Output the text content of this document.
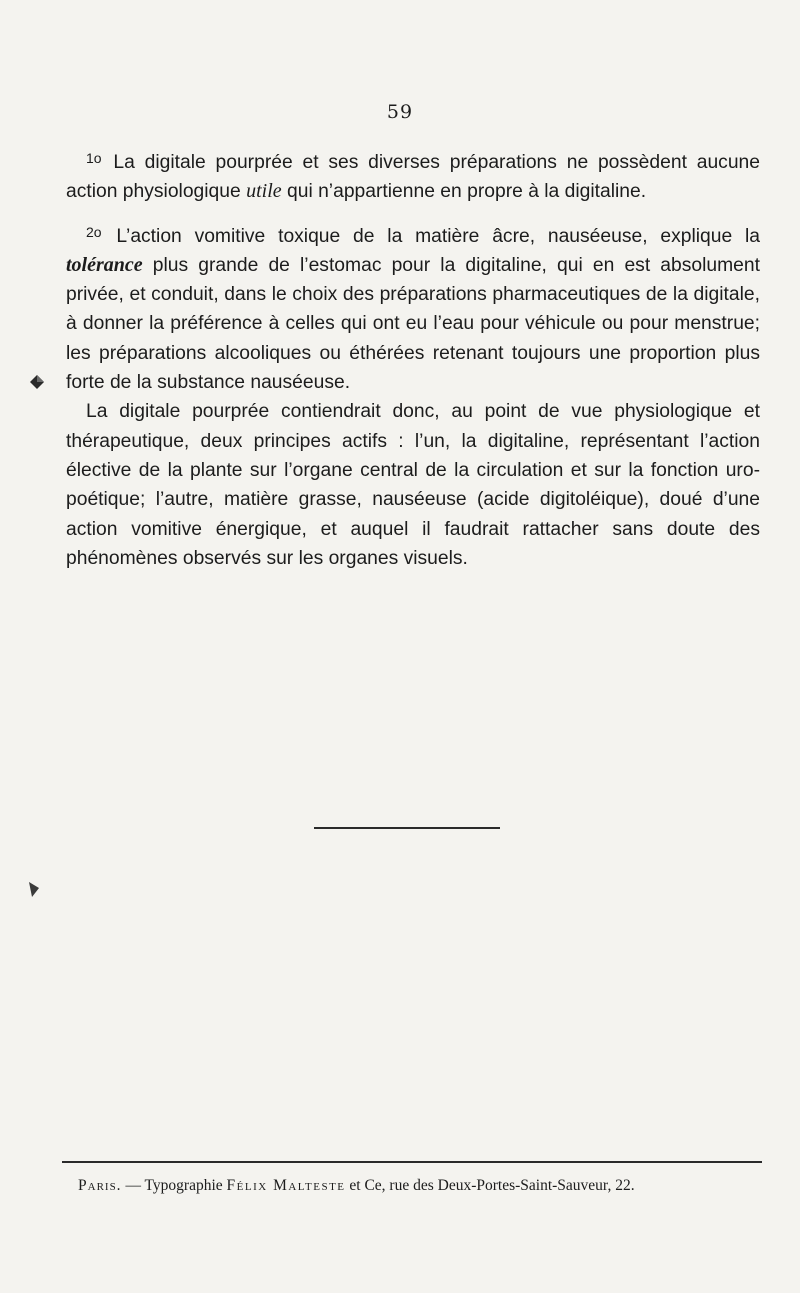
59

$^{1o}$ La digitale pourprée et ses diverses préparations ne possèdent aucune action physiologique utile qui n’appartienne en propre à la digitaline.

$^{2o}$ L’action vomitive toxique de la matière âcre, nauséeuse, explique la tolérance plus grande de l’estomac pour la digitaline, qui en est absolument privée, et conduit, dans le choix des préparations pharmaceutiques de la digitale, à donner la préférence à celles qui ont eu l’eau pour véhicule ou pour menstrue; les préparations alcooliques ou éthérées retenant toujours une proportion plus forte de la substance nauséeuse.

La digitale pourprée contiendrait donc, au point de vue physiologique et thérapeutique, deux principes actifs : l’un, la digitaline, représentant l’action élective de la plante sur l’organe central de la circulation et sur la fonction uro-poétique; l’autre, matière grasse, nauséeuse (acide digitoléique), doué d’une action vomitive énergique, et auquel il faudrait rattacher sans doute des phénomènes observés sur les organes visuels.

Paris. — Typographie Félix Malteste et Ce, rue des Deux-Portes-Saint-Sauveur, 22.
